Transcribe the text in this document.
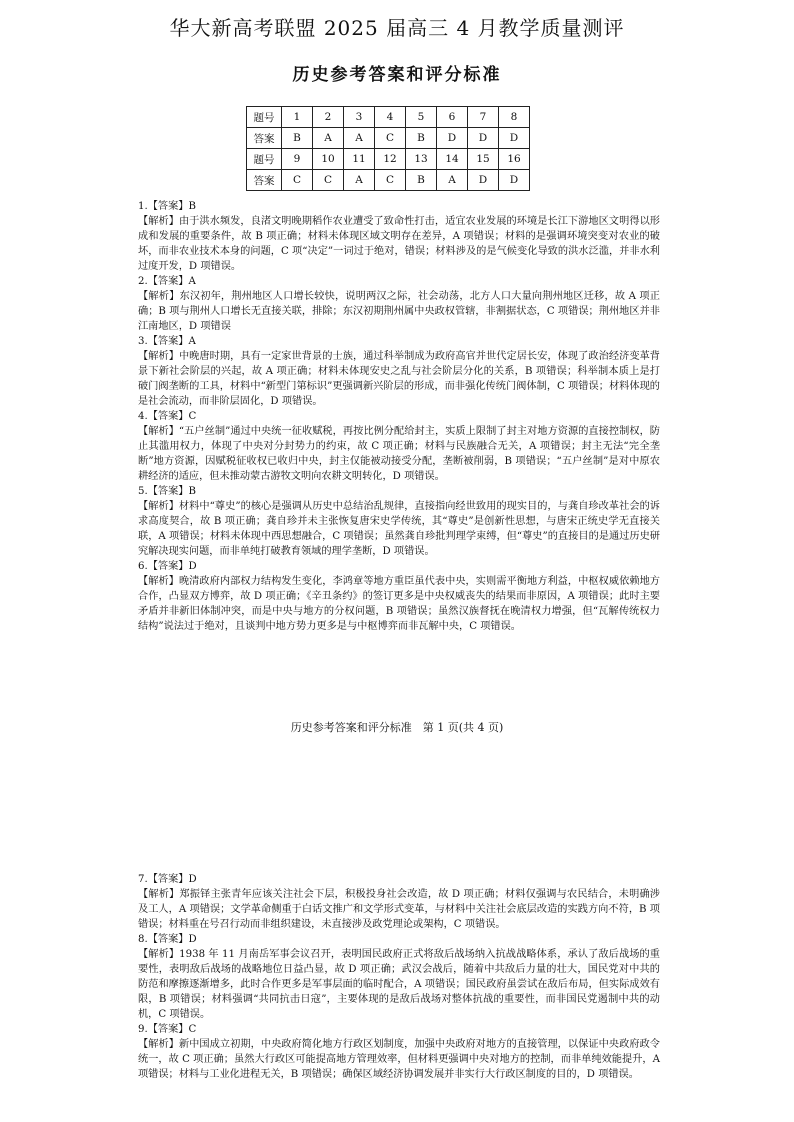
华大新高考联盟 2025 届高三 4 月教学质量测评
历史参考答案和评分标准
题号	1	2	3	4	5	6	7	8
答案	B	A	A	C	B	D	D	D
题号	9	10	11	12	13	14	15	16
答案	C	C	A	C	B	A	D	D

1.【答案】B

【解析】由于洪水频发，良渚文明晚期稻作农业遭受了致命性打击，适宜农业发展的环境是长江下游地区文明得以形成和发展的重要条件，故 B 项正确；材料未体现区域文明存在差异，A 项错误；材料的是强调环境突变对农业的破坏，而非农业技术本身的问题，C 项“决定”一词过于绝对，错误；材料涉及的是气候变化导致的洪水泛滥，并非水利过度开发，D 项错误。

2.【答案】A

【解析】东汉初年，荆州地区人口增长较快，说明两汉之际，社会动荡，北方人口大量向荆州地区迁移，故 A 项正确；B 项与荆州人口增长无直接关联，排除；东汉初期荆州属中央政权管辖，非割据状态，C 项错误；荆州地区并非江南地区，D 项错误

3.【答案】A

【解析】中晚唐时期，具有一定家世背景的士族，通过科举制成为政府高官并世代定居长安，体现了政治经济变革背景下新社会阶层的兴起，故 A 项正确；材料未体现安史之乱与社会阶层分化的关系，B 项错误；科举制本质上是打破门阀垄断的工具，材料中“新型门第标识”更强调新兴阶层的形成，而非强化传统门阀体制，C 项错误；材料体现的是社会流动，而非阶层固化，D 项错误。

4.【答案】C

【解析】“五户丝制”通过中央统一征收赋税，再按比例分配给封主，实质上限制了封主对地方资源的直接控制权，防止其滥用权力，体现了中央对分封势力的约束，故 C 项正确；材料与民族融合无关，A 项错误；封主无法“完全垄断”地方资源，因赋税征收权已收归中央，封主仅能被动接受分配，垄断被削弱，B 项错误；“五户丝制”是对中原农耕经济的适应，但未推动蒙古游牧文明向农耕文明转化，D 项错误。

5.【答案】B

【解析】材料中“尊史”的核心是强调从历史中总结治乱规律，直接指向经世致用的现实目的，与龚自珍改革社会的诉求高度契合，故 B 项正确；龚自珍并未主张恢复唐宋史学传统，其“尊史”是创新性思想，与唐宋正统史学无直接关联，A 项错误；材料未体现中西思想融合，C 项错误；虽然龚自珍批判理学束缚，但“尊史”的直接目的是通过历史研究解决现实问题，而非单纯打破教育领域的理学垄断，D 项错误。

6.【答案】D

【解析】晚清政府内部权力结构发生变化，李鸿章等地方重臣虽代表中央，实则需平衡地方利益，中枢权威依赖地方合作，凸显双方博弈，故 D 项正确；《辛丑条约》的签订更多是中央权威丧失的结果而非原因，A 项错误；此时主要矛盾并非新旧体制冲突，而是中央与地方的分权问题，B 项错误；虽然汉族督抚在晚清权力增强，但“瓦解传统权力结构”说法过于绝对，且谈判中地方势力更多是与中枢博弈而非瓦解中央，C 项错误。

历史参考答案和评分标准　第 1 页(共 4 页)

7.【答案】D

【解析】郑振铎主张青年应该关注社会下层，积极投身社会改造，故 D 项正确；材料仅强调与农民结合，未明确涉及工人，A 项错误；文学革命侧重于白话文推广和文学形式变革，与材料中关注社会底层改造的实践方向不符，B 项错误；材料重在号召行动而非组织建设，未直接涉及政党理论或架构，C 项错误。

8.【答案】D

【解析】1938 年 11 月南岳军事会议召开，表明国民政府正式将敌后战场纳入抗战战略体系，承认了敌后战场的重要性，表明敌后战场的战略地位日益凸显，故 D 项正确；武汉会战后，随着中共敌后力量的壮大，国民党对中共的防范和摩擦逐渐增多，此时合作更多是军事层面的临时配合，A 项错误；国民政府虽尝试在敌后布局，但实际成效有限，B 项错误；材料强调“共同抗击日寇”，主要体现的是敌后战场对整体抗战的重要性，而非国民党遏制中共的动机，C 项错误。

9.【答案】C

【解析】新中国成立初期，中央政府简化地方行政区划制度，加强中央政府对地方的直接管理，以保证中央政府政令统一，故 C 项正确；虽然大行政区可能提高地方管理效率，但材料更强调中央对地方的控制，而非单纯效能提升，A 项错误；材料与工业化进程无关，B 项错误；确保区域经济协调发展并非实行大行政区制度的目的，D 项错误。
